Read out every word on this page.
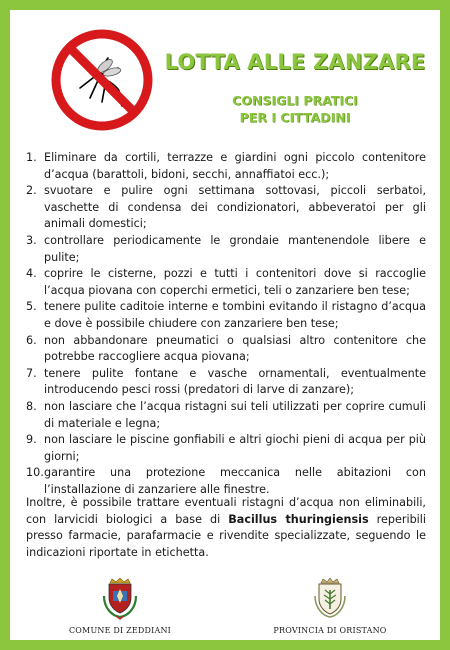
LOTTA ALLE ZANZARE
CONSIGLI PRATICI
PER I CITTADINI
1. Eliminare da cortili, terrazze e giardini ogni piccolo contenitore d’acqua (barattoli, bidoni, secchi, annaffiatoi ecc.);
2. svuotare e pulire ogni settimana sottovasi, piccoli serbatoi, vaschette di condensa dei condizionatori, abbeveratoi per gli animali domestici;
3. controllare periodicamente le grondaie mantenendole libere e pulite;
4. coprire le cisterne, pozzi e tutti i contenitori dove si raccoglie l’acqua piovana con coperchi ermetici, teli o zanzariere ben tese;
5. tenere pulite caditoie interne e tombini evitando il ristagno d’acqua e dove è possibile chiudere con zanzariere ben tese;
6. non abbandonare pneumatici o qualsiasi altro contenitore che potrebbe raccogliere acqua piovana;
7. tenere pulite fontane e vasche ornamentali, eventualmente introducendo pesci rossi (predatori di larve di zanzare);
8. non lasciare che l’acqua ristagni sui teli utilizzati per coprire cumuli di materiale e legna;
9. non lasciare le piscine gonfiabili e altri giochi pieni di acqua per più giorni;
10. garantire una protezione meccanica nelle abitazioni con l’installazione di zanzariere alle finestre.

Inoltre, è possibile trattare eventuali ristagni d’acqua non eliminabili, con larvicidi biologici a base di Bacillus thuringiensis reperibili presso farmacie, parafarmacie e rivendite specializzate, seguendo le indicazioni riportate in etichetta.

COMUNE DI ZEDDIANI	PROVINCIA DI ORISTANO
